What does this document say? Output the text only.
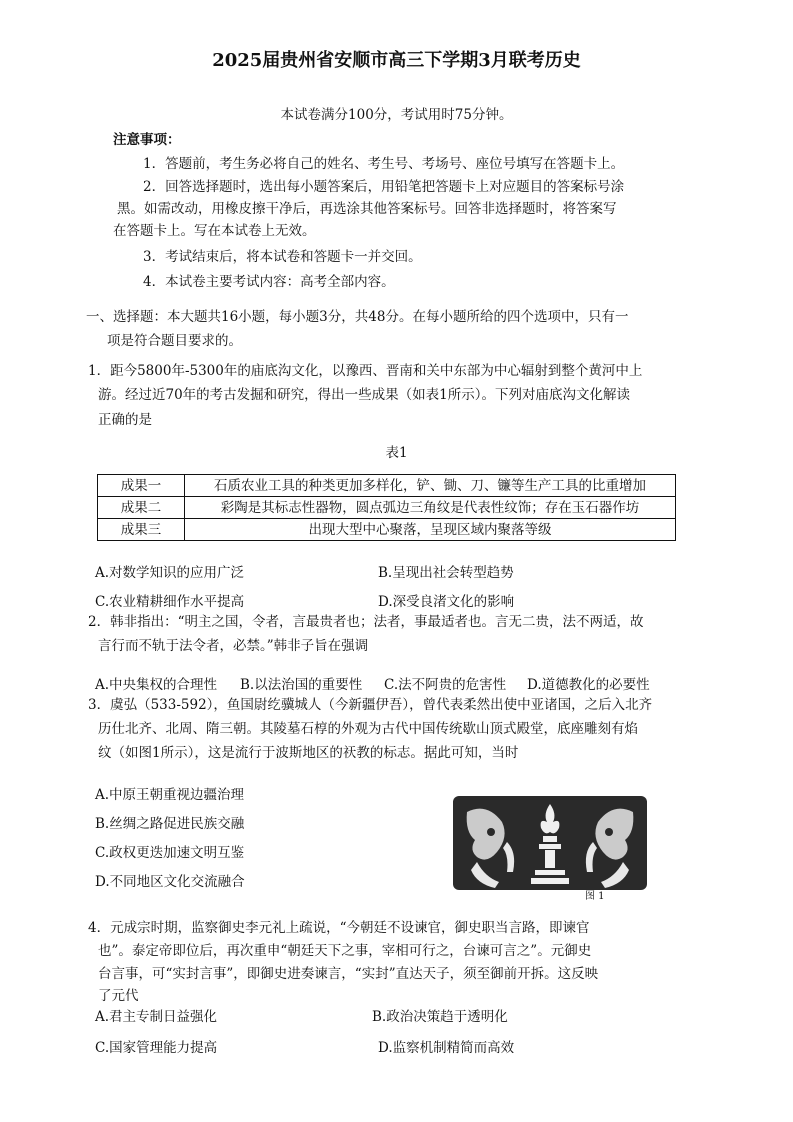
2025届贵州省安顺市高三下学期3月联考历史
本试卷满分100分，考试用时75分钟。
注意事项：
1．答题前，考生务必将自己的姓名、考生号、考场号、座位号填写在答题卡上。
2．回答选择题时，选出每小题答案后，用铅笔把答题卡上对应题目的答案标号涂
黑。如需改动，用橡皮擦干净后，再选涂其他答案标号。回答非选择题时，将答案写
在答题卡上。写在本试卷上无效。
3．考试结束后，将本试卷和答题卡一并交回。
4．本试卷主要考试内容：高考全部内容。
一、选择题：本大题共16小题，每小题3分，共48分。在每小题所给的四个选项中，只有一
项是符合题目要求的。
1．距今5800年-5300年的庙底沟文化，以豫西、晋南和关中东部为中心辐射到整个黄河中上
游。经过近70年的考古发掘和研究，得出一些成果（如表1所示）。下列对庙底沟文化解读
正确的是
表1
成果一	石质农业工具的种类更加多样化，铲、锄、刀、镰等生产工具的比重增加
成果二	彩陶是其标志性器物，圆点弧边三角纹是代表性纹饰；存在玉石器作坊
成果三	出现大型中心聚落，呈现区域内聚落等级
A.对数学知识的应用广泛	B.呈现出社会转型趋势
C.农业精耕细作水平提高	D.深受良渚文化的影响
2．韩非指出：“明主之国，令者，言最贵者也；法者，事最适者也。言无二贵，法不两适，故
言行而不轨于法令者，必禁。”韩非子旨在强调
A.中央集权的合理性 B.以法治国的重要性 C.法不阿贵的危害性 D.道德教化的必要性
3．虞弘（533-592），鱼国尉纥骥城人（今新疆伊吾），曾代表柔然出使中亚诸国，之后入北齐
历仕北齐、北周、隋三朝。其陵墓石椁的外观为古代中国传统歇山顶式殿堂，底座雕刻有焰
纹（如图1所示），这是流行于波斯地区的祆教的标志。据此可知，当时
A.中原王朝重视边疆治理
B.丝绸之路促进民族交融
C.政权更迭加速文明互鉴
D.不同地区文化交流融合
图 1
4．元成宗时期，监察御史李元礼上疏说，“今朝廷不设谏官，御史职当言路，即谏官
也”。泰定帝即位后，再次重申“朝廷天下之事，宰相可行之，台谏可言之”。元御史
台言事，可“实封言事”，即御史进奏谏言，“实封”直达天子，须至御前开拆。这反映
了元代
A.君主专制日益强化	B.政治决策趋于透明化
C.国家管理能力提高	D.监察机制精简而高效
